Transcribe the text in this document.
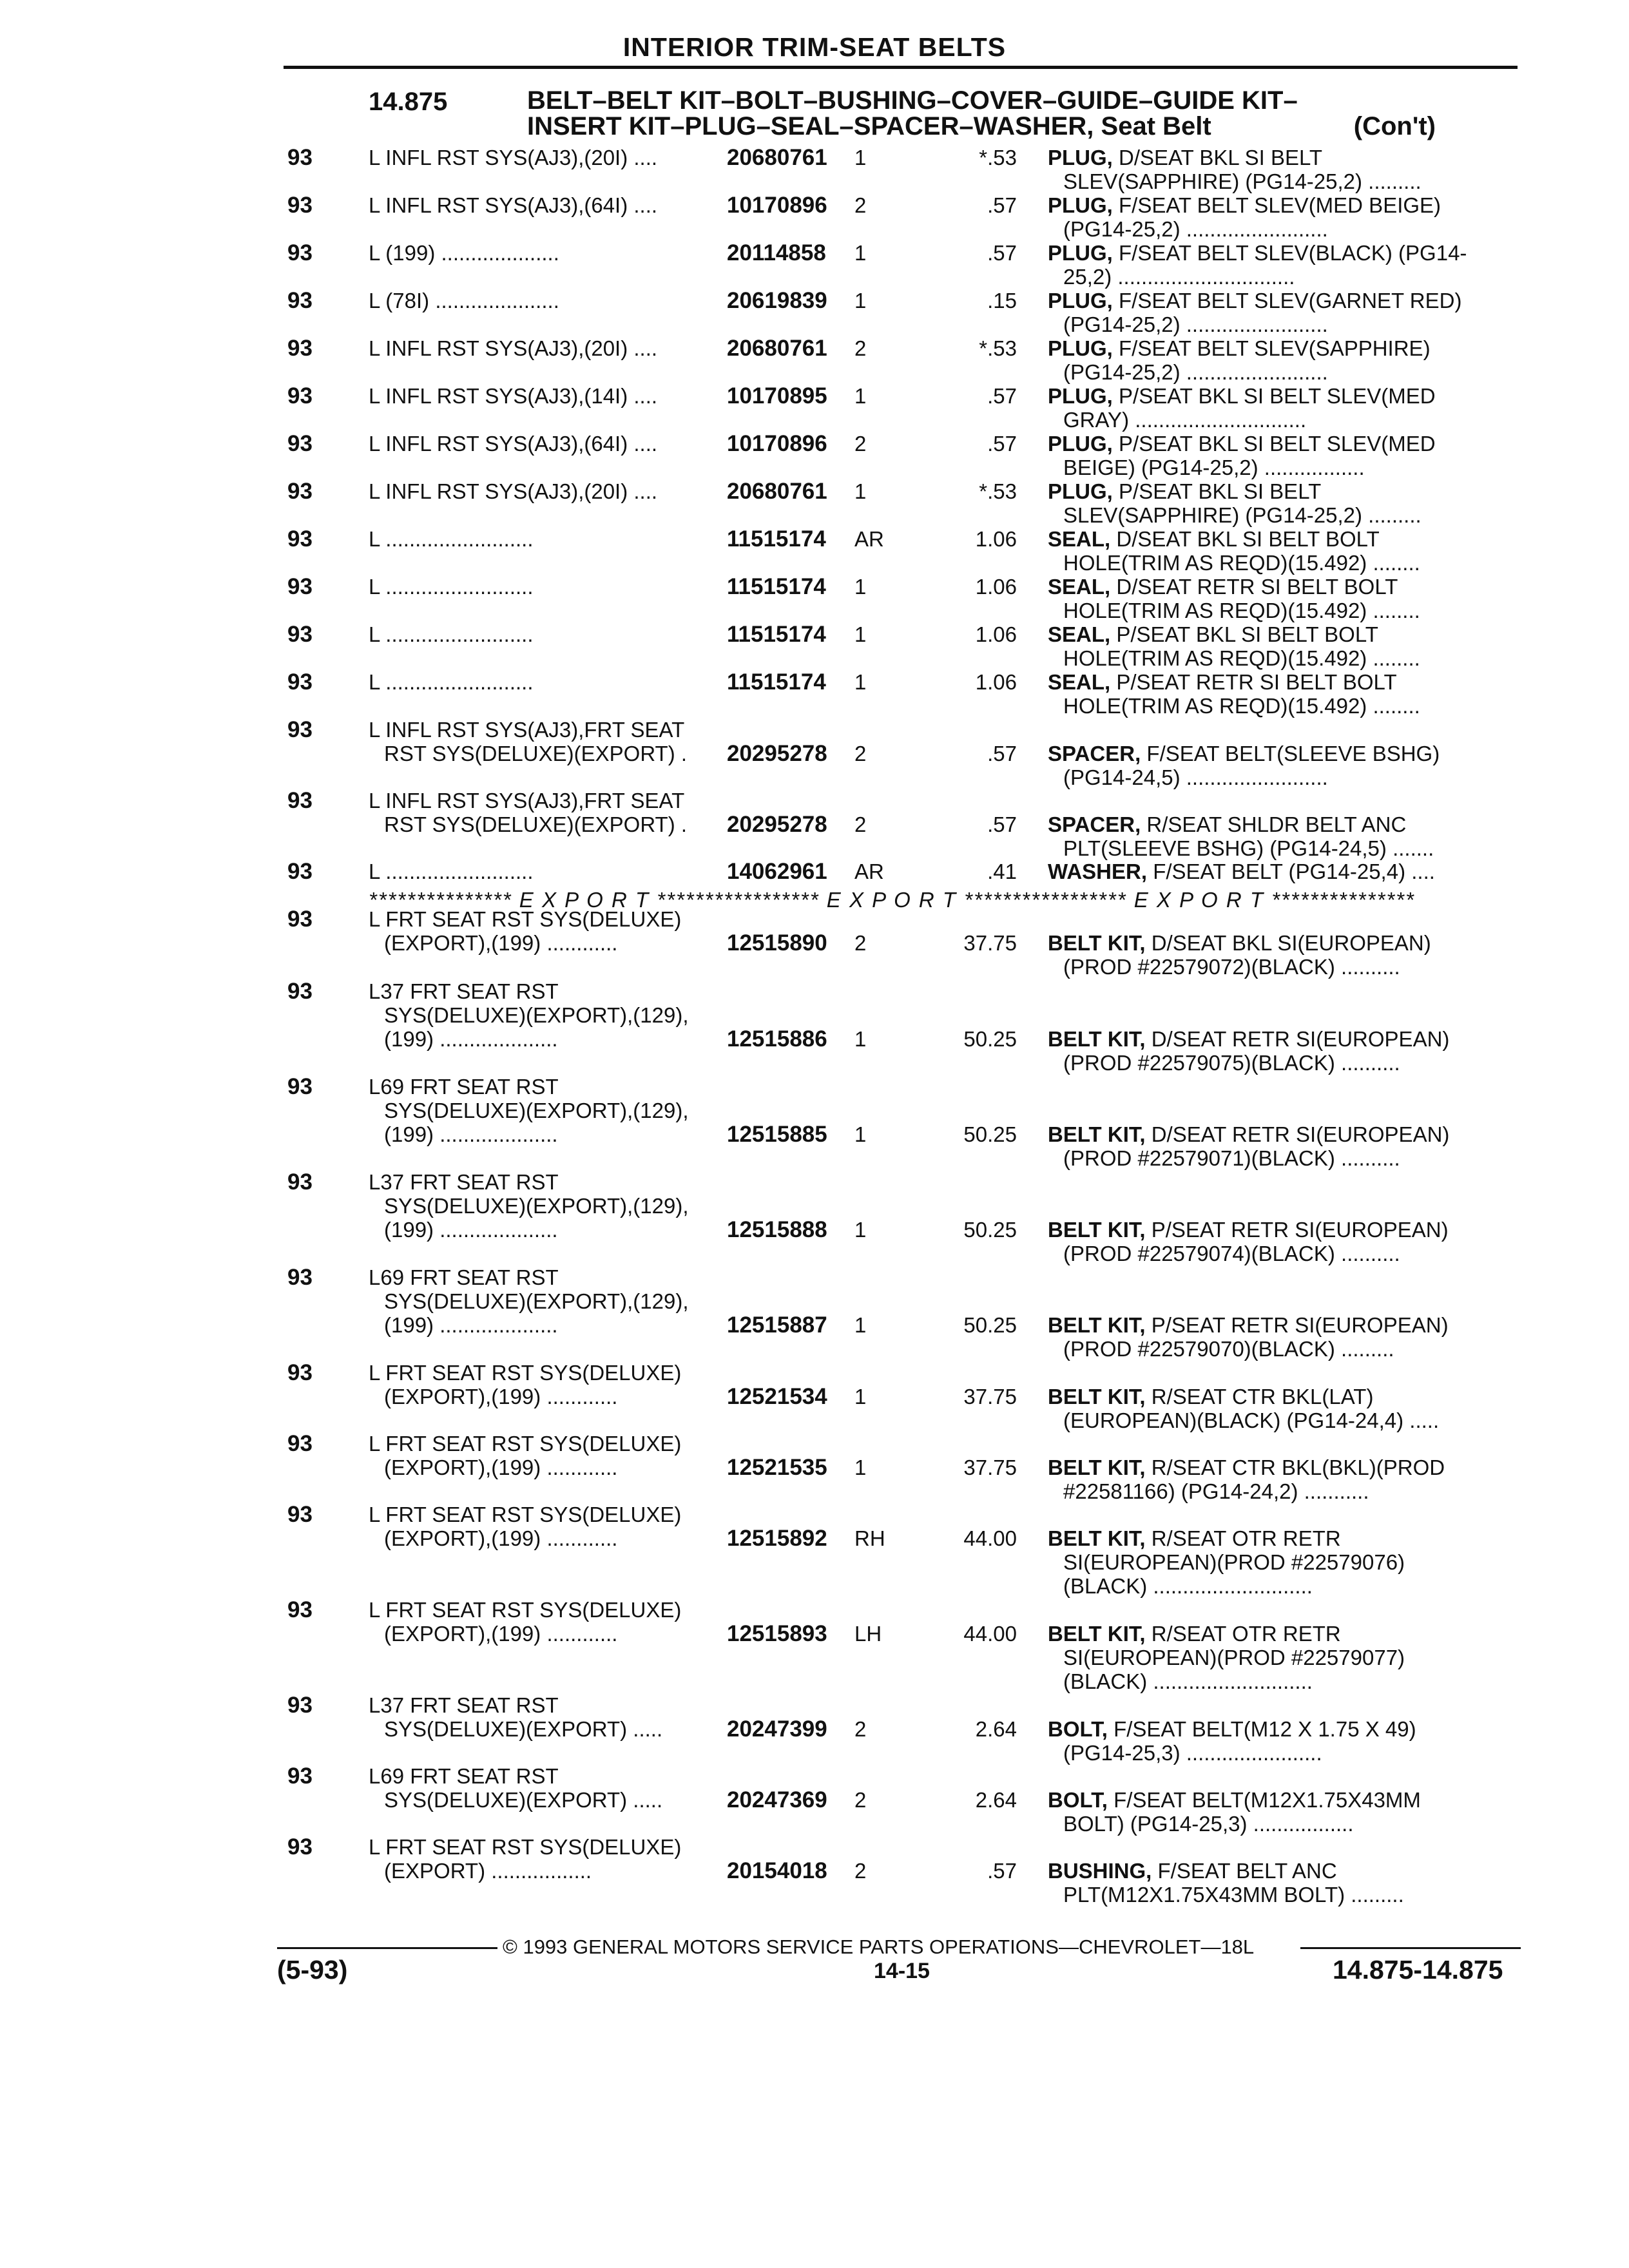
INTERIOR TRIM-SEAT BELTS
14.875	BELT–BELT KIT–BOLT–BUSHING–COVER–GUIDE–GUIDE KIT–
INSERT KIT–PLUG–SEAL–SPACER–WASHER, Seat Belt	(Con't)
93	L INFL RST SYS(AJ3),(20I) ....	20680761 1	*.53 PLUG, D/SEAT BKL SI BELT
SLEV(SAPPHIRE) (PG14-25,2) .........
93	L INFL RST SYS(AJ3),(64I) ....	10170896 2	.57 PLUG, F/SEAT BELT SLEV(MED BEIGE)
(PG14-25,2) ........................
93	L (199) ....................	20114858 1	.57 PLUG, F/SEAT BELT SLEV(BLACK) (PG14-
25,2) ..............................
93	L (78I) .....................	20619839 1	.15 PLUG, F/SEAT BELT SLEV(GARNET RED)
(PG14-25,2) ........................
93	L INFL RST SYS(AJ3),(20I) ....	20680761 2	*.53 PLUG, F/SEAT BELT SLEV(SAPPHIRE)
(PG14-25,2) ........................
93	L INFL RST SYS(AJ3),(14I) ....	10170895 1	.57 PLUG, P/SEAT BKL SI BELT SLEV(MED
GRAY) .............................
93	L INFL RST SYS(AJ3),(64I) ....	10170896 2	.57 PLUG, P/SEAT BKL SI BELT SLEV(MED
BEIGE) (PG14-25,2) .................
93	L INFL RST SYS(AJ3),(20I) ....	20680761 1	*.53 PLUG, P/SEAT BKL SI BELT
SLEV(SAPPHIRE) (PG14-25,2) .........
93	L .........................	11515174 AR	1.06 SEAL, D/SEAT BKL SI BELT BOLT
HOLE(TRIM AS REQD)(15.492) ........
93	L .........................	11515174 1	1.06 SEAL, D/SEAT RETR SI BELT BOLT
HOLE(TRIM AS REQD)(15.492) ........
93	L .........................	11515174 1	1.06 SEAL, P/SEAT BKL SI BELT BOLT
HOLE(TRIM AS REQD)(15.492) ........
93	L .........................	11515174 1	1.06 SEAL, P/SEAT RETR SI BELT BOLT
HOLE(TRIM AS REQD)(15.492) ........
93	L INFL RST SYS(AJ3),FRT SEAT
RST SYS(DELUXE)(EXPORT) .	20295278 2	.57 SPACER, F/SEAT BELT(SLEEVE BSHG)
(PG14-24,5) ........................
93	L INFL RST SYS(AJ3),FRT SEAT
RST SYS(DELUXE)(EXPORT) .	20295278 2	.57 SPACER, R/SEAT SHLDR BELT ANC
PLT(SLEEVE BSHG) (PG14-24,5) .......
93	L .........................	14062961 AR	.41 WASHER, F/SEAT BELT (PG14-25,4) ....
93	L FRT SEAT RST SYS(DELUXE)
(EXPORT),(199) ............	12515890 2	37.75 BELT KIT, D/SEAT BKL SI(EUROPEAN)
(PROD #22579072)(BLACK) ..........
93	L37 FRT SEAT RST
SYS(DELUXE)(EXPORT),(129),
(199) ....................	12515886 1	50.25 BELT KIT, D/SEAT RETR SI(EUROPEAN)
(PROD #22579075)(BLACK) ..........
93	L69 FRT SEAT RST
SYS(DELUXE)(EXPORT),(129),
(199) ....................	12515885 1	50.25 BELT KIT, D/SEAT RETR SI(EUROPEAN)
(PROD #22579071)(BLACK) ..........
93	L37 FRT SEAT RST
SYS(DELUXE)(EXPORT),(129),
(199) ....................	12515888 1	50.25 BELT KIT, P/SEAT RETR SI(EUROPEAN)
(PROD #22579074)(BLACK) ..........
93	L69 FRT SEAT RST
SYS(DELUXE)(EXPORT),(129),
(199) ....................	12515887 1	50.25 BELT KIT, P/SEAT RETR SI(EUROPEAN)
(PROD #22579070)(BLACK) .........
93	L FRT SEAT RST SYS(DELUXE)
(EXPORT),(199) ............	12521534 1	37.75 BELT KIT, R/SEAT CTR BKL(LAT)
(EUROPEAN)(BLACK) (PG14-24,4) .....
93	L FRT SEAT RST SYS(DELUXE)
(EXPORT),(199) ............	12521535 1	37.75 BELT KIT, R/SEAT CTR BKL(BKL)(PROD
#22581166) (PG14-24,2) ...........
93	L FRT SEAT RST SYS(DELUXE)
(EXPORT),(199) ............	12515892 RH	44.00 BELT KIT, R/SEAT OTR RETR
SI(EUROPEAN)(PROD #22579076)
(BLACK) ...........................
93	L FRT SEAT RST SYS(DELUXE)
(EXPORT),(199) ............	12515893 LH	44.00 BELT KIT, R/SEAT OTR RETR
SI(EUROPEAN)(PROD #22579077)
(BLACK) ...........................
93	L37 FRT SEAT RST
SYS(DELUXE)(EXPORT) .....	20247399 2	2.64 BOLT, F/SEAT BELT(M12 X 1.75 X 49)
(PG14-25,3) .......................
93	L69 FRT SEAT RST
SYS(DELUXE)(EXPORT) .....	20247369 2	2.64 BOLT, F/SEAT BELT(M12X1.75X43MM
BOLT) (PG14-25,3) .................
93	L FRT SEAT RST SYS(DELUXE)
(EXPORT) .................	20154018 2	.57 BUSHING, F/SEAT BELT ANC
PLT(M12X1.75X43MM BOLT) .........
*************** E X P O R T ***************** E X P O R T ***************** E X P O R T ***************
© 1993 GENERAL MOTORS SERVICE PARTS OPERATIONS—CHEVROLET—18L
(5-93)	14-15	14.875-14.875
